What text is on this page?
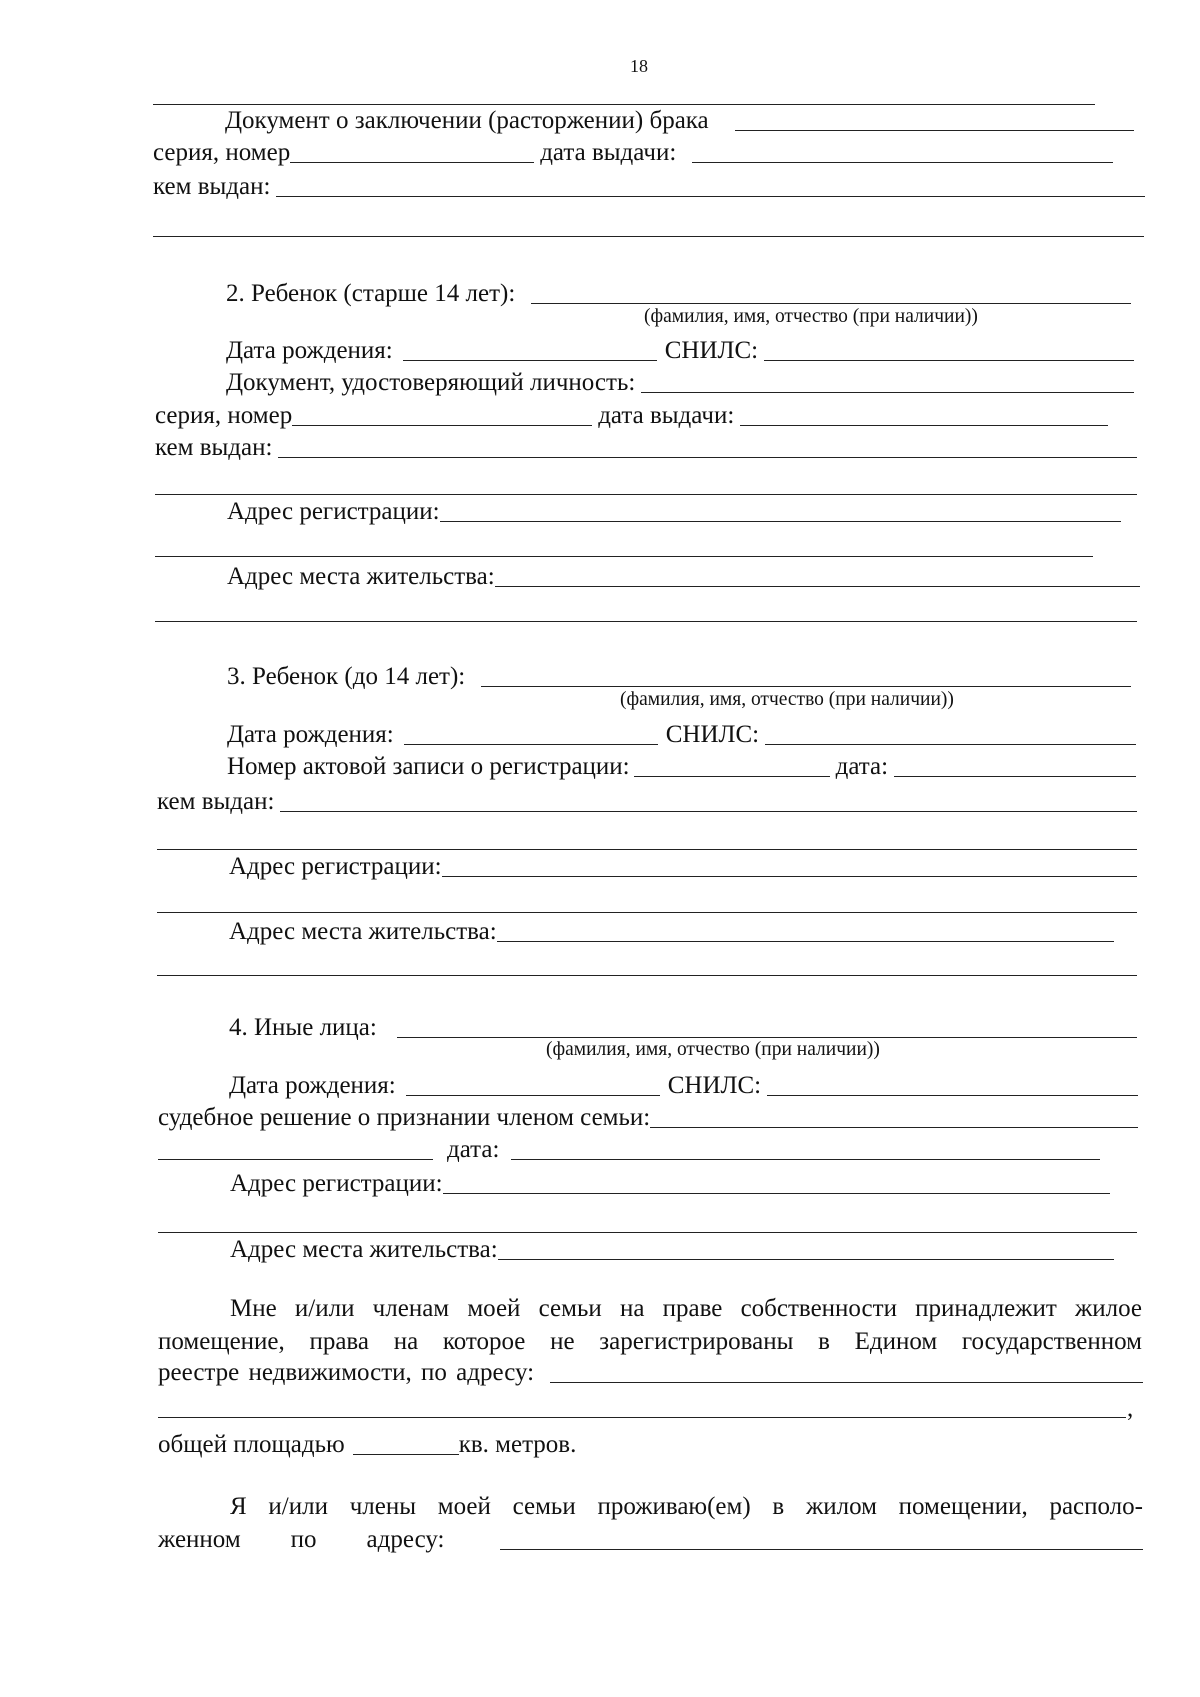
18
Документ о заключении (расторжении) брака
серия, номер	дата выдачи:
кем выдан:
2. Ребенок (старше 14 лет):
(фамилия, имя, отчество (при наличии))
Дата рождения:	СНИЛС:
Документ, удостоверяющий личность:
серия, номер	дата выдачи:
кем выдан:
Адрес регистрации:
Адрес места жительства:
3. Ребенок (до 14 лет):
(фамилия, имя, отчество (при наличии))
Дата рождения:	СНИЛС:
Номер актовой записи о регистрации:	дата:
кем выдан:
Адрес регистрации:
Адрес места жительства:
4. Иные лица:
(фамилия, имя, отчество (при наличии))
Дата рождения:	СНИЛС:
судебное решение о признании членом семьи:
дата:
Адрес регистрации:
Адрес места жительства:
Мне и/или членам моей семьи на праве собственности принадлежит жилое
помещение, права на которое не зарегистрированы в Едином государственном
реестре недвижимости, по адресу:
,
общей площадью	кв. метров.
Я и/или члены моей семьи проживаю(ем) в жилом помещении, располо-
женном по адресу:
